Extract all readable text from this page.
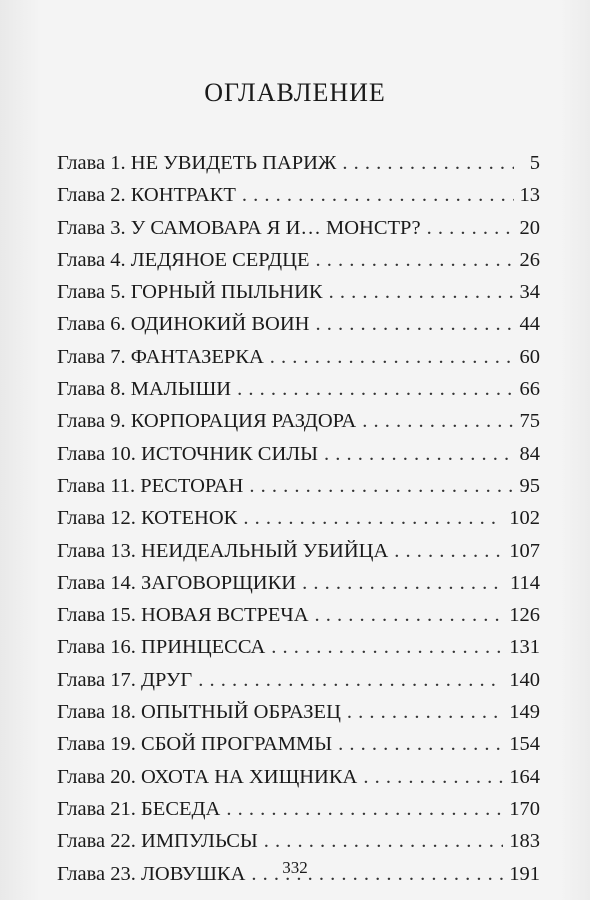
ОГЛАВЛЕНИЕ
Глава 1. НЕ УВИДЕТЬ ПАРИЖ . . .	5
Глава 2. КОНТРАКТ . . .	13
Глава 3. У САМОВАРА Я И… МОНСТР? . . .	20
Глава 4. ЛЕДЯНОЕ СЕРДЦЕ . . .	26
Глава 5. ГОРНЫЙ ПЫЛЬНИК . . .	34
Глава 6. ОДИНОКИЙ ВОИН . . .	44
Глава 7. ФАНТАЗЕРКА . . .	60
Глава 8. МАЛЫШИ . . .	66
Глава 9. КОРПОРАЦИЯ РАЗДОРА . . .	75
Глава 10. ИСТОЧНИК СИЛЫ . . .	84
Глава 11. РЕСТОРАН . . .	95
Глава 12. КОТЕНОК . . .	102
Глава 13. НЕИДЕАЛЬНЫЙ УБИЙЦА . . .	107
Глава 14. ЗАГОВОРЩИКИ . . .	114
Глава 15. НОВАЯ ВСТРЕЧА . . .	126
Глава 16. ПРИНЦЕССА . . .	131
Глава 17. ДРУГ . . .	140
Глава 18. ОПЫТНЫЙ ОБРАЗЕЦ . . .	149
Глава 19. СБОЙ ПРОГРАММЫ . . .	154
Глава 20. ОХОТА НА ХИЩНИКА . . .	164
Глава 21. БЕСЕДА . . .	170
Глава 22. ИМПУЛЬСЫ . . .	183
Глава 23. ЛОВУШКА . . .	191
332
